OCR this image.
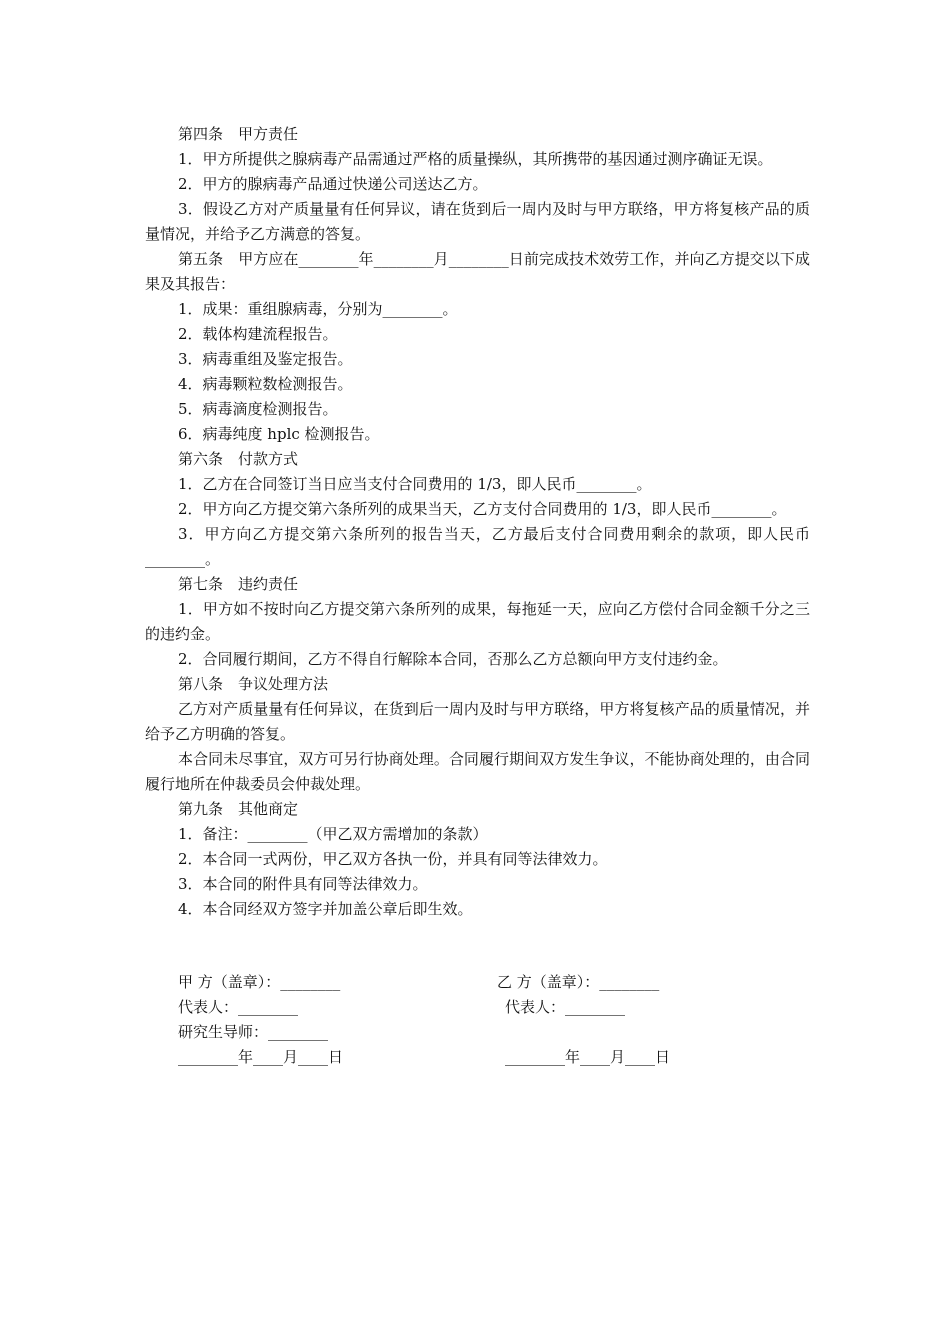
第四条　甲方责任

1．甲方所提供之腺病毒产品需通过严格的质量操纵，其所携带的基因通过测序确证无误。

2．甲方的腺病毒产品通过快递公司送达乙方。

3．假设乙方对产质量量有任何异议，请在货到后一周内及时与甲方联络，甲方将复核产品的质量情况，并给予乙方满意的答复。

第五条　甲方应在________年________月________日前完成技术效劳工作，并向乙方提交以下成果及其报告：

1．成果：重组腺病毒，分别为________。

2．载体构建流程报告。

3．病毒重组及鉴定报告。

4．病毒颗粒数检测报告。

5．病毒滴度检测报告。

6．病毒纯度 hplc 检测报告。

第六条　付款方式

1．乙方在合同签订当日应当支付合同费用的 1/3，即人民币________。

2．甲方向乙方提交第六条所列的成果当天，乙方支付合同费用的 1/3，即人民币________。

3．甲方向乙方提交第六条所列的报告当天，乙方最后支付合同费用剩余的款项，即人民币________。

第七条　违约责任

1．甲方如不按时向乙方提交第六条所列的成果，每拖延一天，应向乙方偿付合同金额千分之三的违约金。

2．合同履行期间，乙方不得自行解除本合同，否那么乙方总额向甲方支付违约金。

第八条　争议处理方法

乙方对产质量量有任何异议，在货到后一周内及时与甲方联络，甲方将复核产品的质量情况，并给予乙方明确的答复。

本合同未尽事宜，双方可另行协商处理。合同履行期间双方发生争议，不能协商处理的，由合同履行地所在仲裁委员会仲裁处理。

第九条　其他商定

1．备注：________（甲乙双方需增加的条款）

2．本合同一式两份，甲乙双方各执一份，并具有同等法律效力。

3．本合同的附件具有同等法律效力。

4．本合同经双方签字并加盖公章后即生效。

甲 方（盖章）：________	乙 方（盖章）：________
代表人：________	代表人：________
研究生导师：________
________年____月____日	________年____月____日
